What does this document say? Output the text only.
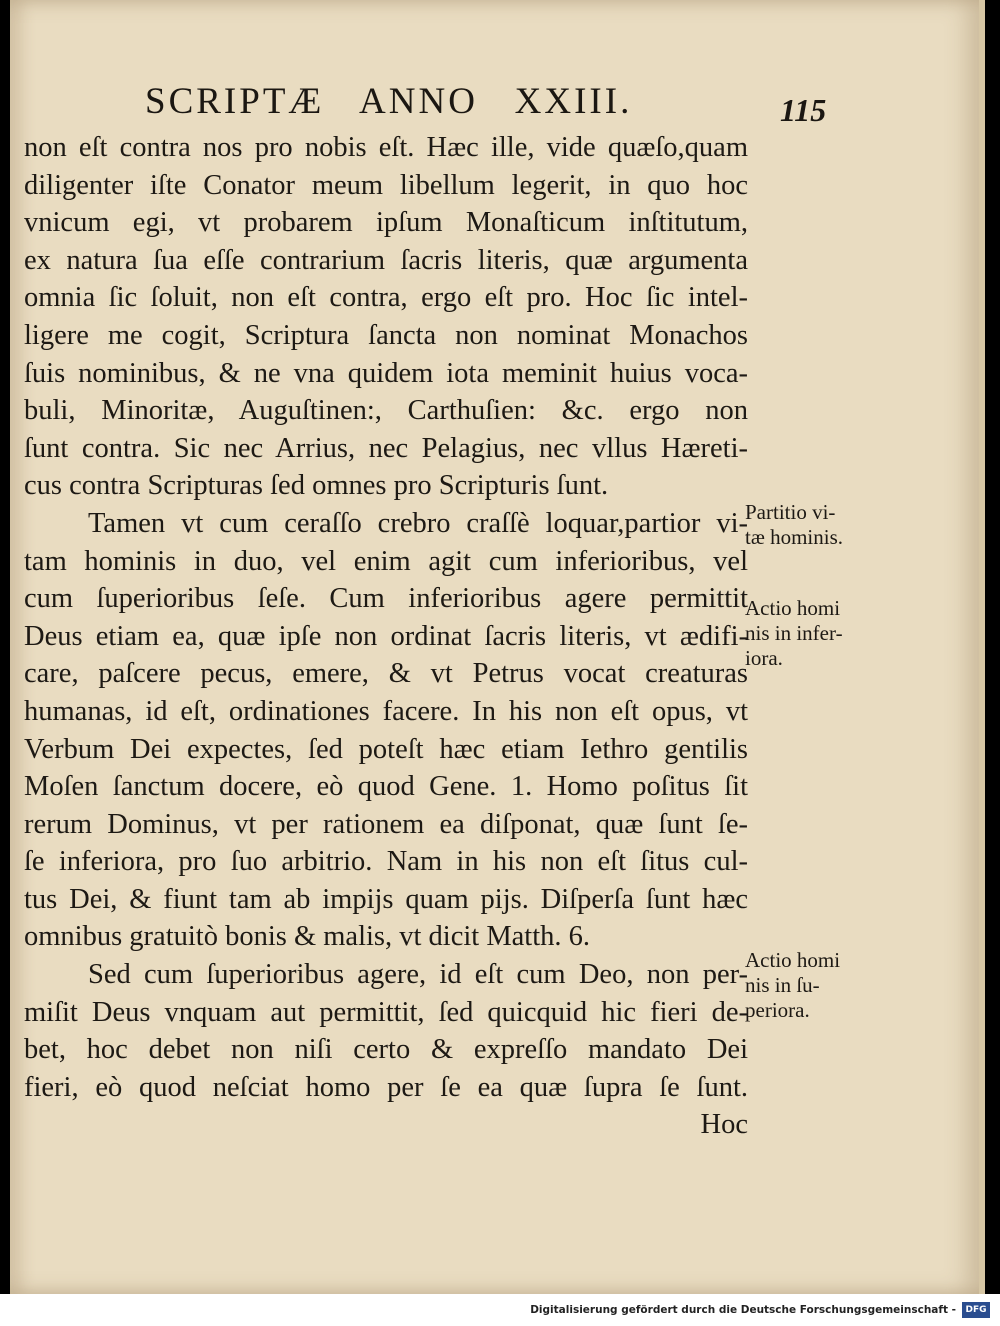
SCRIPTÆ   ANNO   XXIII.	115
non eſt contra nos pro nobis eſt. Hæc ille, vide quæſo,quam
diligenter iſte Conator meum libellum legerit, in quo hoc
vnicum egi, vt probarem ipſum Monaſticum inſtitutum,
ex natura ſua eſſe contrarium ſacris literis, quæ argumenta
omnia ſic ſoluit, non eſt contra, ergo eſt pro. Hoc ſic intel-
ligere me cogit, Scriptura ſancta non nominat Monachos
ſuis nominibus, & ne vna quidem iota meminit huius voca-
buli, Minoritæ, Auguſtinen:, Carthuſien: &c. ergo non
ſunt contra. Sic nec Arrius, nec Pelagius, nec vllus Hæreti-
cus contra Scripturas ſed omnes pro Scripturis ſunt.
Tamen vt cum ceraſſo crebro craſſè loquar,partior vi-
tam hominis in duo, vel enim agit cum inferioribus, vel
cum ſuperioribus ſeſe. Cum inferioribus agere permittit
Deus etiam ea, quæ ipſe non ordinat ſacris literis, vt ædifi-
care, paſcere pecus, emere, & vt Petrus vocat creaturas
humanas, id eſt, ordinationes facere. In his non eſt opus, vt
Verbum Dei expectes, ſed poteſt hæc etiam Iethro gentilis
Moſen ſanctum docere, eò quod Gene. 1. Homo poſitus ſit
rerum Dominus, vt per rationem ea diſponat, quæ ſunt ſe-
ſe inferiora, pro ſuo arbitrio. Nam in his non eſt ſitus cul-
tus Dei, & fiunt tam ab impijs quam pijs. Diſperſa ſunt hæc
omnibus gratuitò bonis & malis, vt dicit Matth. 6.
Sed cum ſuperioribus agere, id eſt cum Deo, non per-
miſit Deus vnquam aut permittit, ſed quicquid hic fieri de-
bet, hoc debet non niſi certo & expreſſo mandato Dei
fieri, eò quod neſciat homo per ſe ea quæ ſupra ſe ſunt.
Hoc
Partitio vi-
tæ hominis.
Actio homi
nis in infer-
iora.
Actio homi
nis in ſu-
periora.
Digitalisierung gefördert durch die Deutsche Forschungsgemeinschaft -	DFG
